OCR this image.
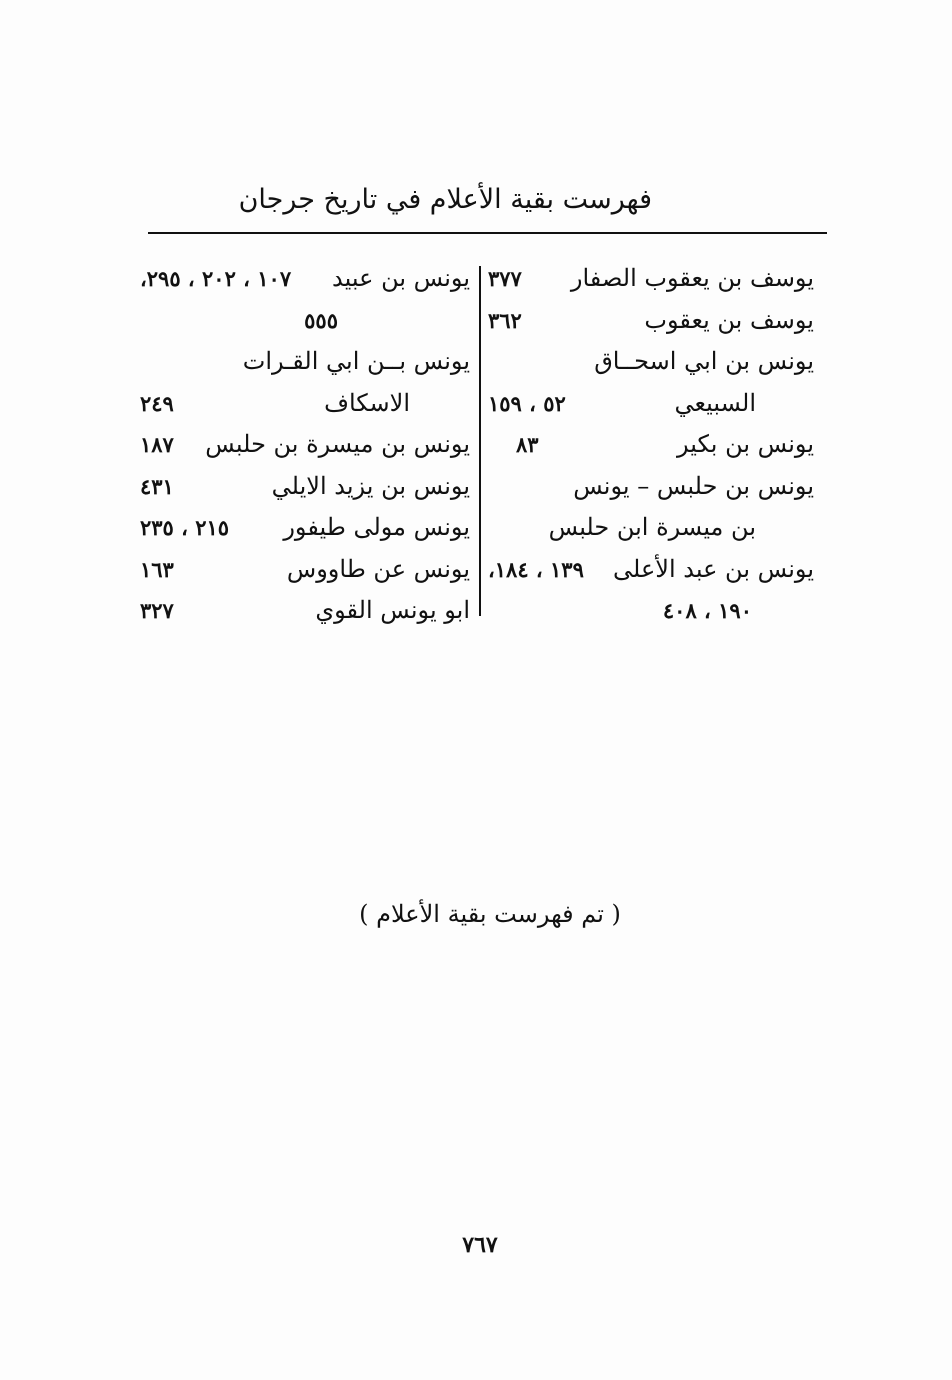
فهرست بقية الأعلام في تاريخ جرجان
يوسف بن يعقوب الصفار
٣٧٧
يوسف بن يعقوب
٣٦٢
يونس بن ابي اسحــاق
السبيعي
٥٢ ، ١٥٩
يونس بن بكير
٨٣
يونس بن حلبس – يونس
بن ميسرة ابن حلبس
يونس بن عبد الأعلى
١٣٩ ، ١٨٤،
١٩٠ ، ٤٠٨
يونس بن عبيد
١٠٧ ، ٢٠٢ ، ٢٩٥،
٥٥٥
يونس بــن ابي القـرات
الاسكاف
٢٤٩
يونس بن ميسرة بن حلبس
١٨٧
يونس بن يزيد الايلي
٤٣١
يونس مولى طيفور
٢١٥ ، ٢٣٥
يونس عن طاووس
١٦٣
ابو يونس القوي
٣٢٧
( تم فهرست بقية الأعلام )
٧٦٧
